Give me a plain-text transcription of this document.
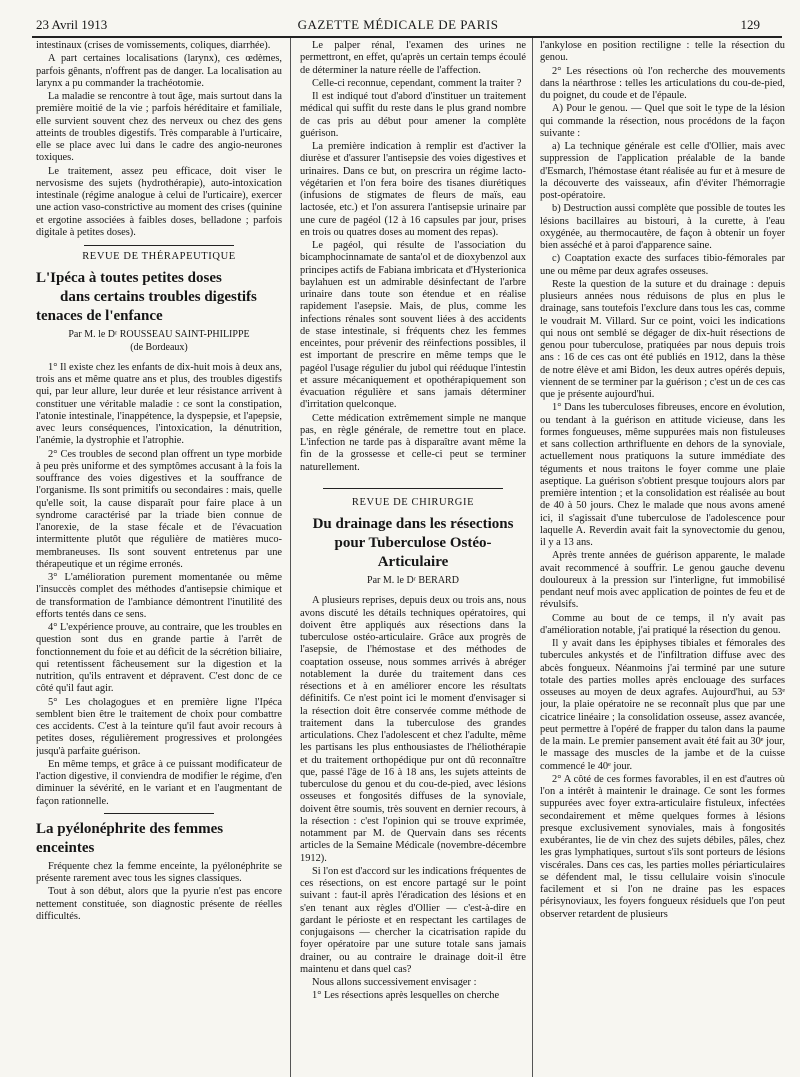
23 Avril 1913	GAZETTE MÉDICALE DE PARIS	129

intestinaux (crises de vomissements, coliques, diarrhée).

A part certaines localisations (larynx), ces œdèmes, parfois gênants, n'offrent pas de danger. La localisation au larynx a pu commander la trachéotomie.

La maladie se rencontre à tout âge, mais surtout dans la première moitié de la vie ; parfois héréditaire et familiale, elle survient souvent chez des nerveux ou chez des gens atteints de troubles digestifs. Très comparable à l'urticaire, elle se place avec lui dans le cadre des angio-neurones toxiques.

Le traitement, assez peu efficace, doit viser le nervosisme des sujets (hydrothérapie), auto-intoxication intestinale (régime analogue à celui de l'urticaire), exercer une action vaso-constrictive au moment des crises (quinine et ergotine associées à faibles doses, belladone ; parfois digitale à petites doses).

REVUE DE THÉRAPEUTIQUE

L'Ipéca à toutes petites doses
dans certains troubles digestifs
tenaces de l'enfance
Par M. le Dʳ ROUSSEAU SAINT-PHILIPPE
(de Bordeaux)

1° Il existe chez les enfants de dix-huit mois à deux ans, trois ans et même quatre ans et plus, des troubles digestifs qui, par leur allure, leur durée et leur résistance arrivent à constituer une véritable maladie : ce sont la constipation, l'atonie intestinale, l'inappétence, la dyspepsie, et l'apepsie, avec leurs conséquences, l'intoxication, la dénutrition, l'anémie, la dystrophie et l'atrophie.

2° Ces troubles de second plan offrent un type morbide à peu près uniforme et des symptômes accusant à la fois la souffrance des voies digestives et la souffrance de l'organisme. Ils sont primitifs ou secondaires : mais, quelle qu'elle soit, la cause disparaît pour faire place à un syndrome caractérisé par la triade bien connue de l'anorexie, de la stase fécale et de l'évacuation intermittente plutôt que régulière de matières muco-membraneuses. Ils sont souvent entretenus par une thérapeutique et un régime erronés.

3° L'amélioration purement momentanée ou même l'insuccès complet des méthodes d'antisepsie chimique et de transformation de l'ambiance démontrent l'inutilité des efforts tentés dans ce sens.

4° L'expérience prouve, au contraire, que les troubles en question sont dus en grande partie à l'arrêt de fonctionnement du foie et au déficit de la sécrétion biliaire, qui retentissent fâcheusement sur la digestion et la nutrition, qu'ils entravent et dépravent. C'est donc de ce côté qu'il faut agir.

5° Les cholagogues et en première ligne l'Ipéca semblent bien être le traitement de choix pour combattre ces accidents. C'est à la teinture qu'il faut avoir recours à petites doses, régulièrement progressives et prolongées jusqu'à parfaite guérison.

En même temps, et grâce à ce puissant modificateur de l'action digestive, il conviendra de modifier le régime, d'en diminuer la sévérité, en le variant et en l'augmentant de façon rationnelle.

La pyélonéphrite des femmes enceintes

Fréquente chez la femme enceinte, la pyélonéphrite se présente rarement avec tous les signes classiques.

Tout à son début, alors que la pyurie n'est pas encore nettement constituée, son diagnostic présente de réelles difficultés.

Le palper rénal, l'examen des urines ne permettront, en effet, qu'après un certain temps écoulé de déterminer la nature réelle de l'affection.

Celle-ci reconnue, cependant, comment la traiter ?

Il est indiqué tout d'abord d'instituer un traitement médical qui suffit du reste dans le plus grand nombre de cas pris au début pour amener la complète guérison.

La première indication à remplir est d'activer la diurèse et d'assurer l'antisepsie des voies digestives et urinaires. Dans ce but, on prescrira un régime lacto-végétarien et l'on fera boire des tisanes diurétiques (infusions de stigmates de fleurs de maïs, eau lactosée, etc.) et l'on assurera l'antisepsie urinaire par une cure de pagéol (12 à 16 capsules par jour, prises en trois ou quatres doses au moment des repas).

Le pagéol, qui résulte de l'association du bicamphocinnamate de santa'ol et de dioxybenzol aux principes actifs de Fabiana imbricata et d'Hysterionica baylahuen est un admirable désinfectant de l'arbre urinaire dans toute son étendue et en réalise rapidement l'asepsie. Mais, de plus, comme les infections rénales sont souvent liées à des accidents de stase intestinale, si fréquents chez les femmes enceintes, pour prévenir des réinfections possibles, il est important de prescrire en même temps que le pagéol l'usage régulier du jubol qui rééduque l'intestin et assure mécaniquement et opothérapiquement son évacuation régulière et sans jamais déterminer d'irritation quelconque.

Cette médication extrêmement simple ne manque pas, en règle générale, de remettre tout en place. L'infection ne tarde pas à disparaître avant même la fin de la grossesse et celle-ci peut se terminer naturellement.

REVUE DE CHIRURGIE

Du drainage dans les résections
pour Tuberculose Ostéo-Articulaire
Par M. le Dʳ BERARD

A plusieurs reprises, depuis deux ou trois ans, nous avons discuté les détails techniques opératoires, qui doivent être appliqués aux résections dans la tuberculose ostéo-articulaire. Grâce aux progrès de l'asepsie, de l'hémostase et des méthodes de coaptation osseuse, nous sommes arrivés à abréger notablement la durée du traitement dans ces résections et à en améliorer encore les résultats définitifs. Ce n'est point ici le moment d'envisager si la résection doit être conservée comme méthode de traitement dans la tuberculose des grandes articulations. Chez l'adolescent et chez l'adulte, même les partisans les plus enthousiastes de l'héliothérapie et du traitement orthopédique pur ont dû reconnaître que, passé l'âge de 16 à 18 ans, les sujets atteints de tuberculose du genou et du cou-de-pied, avec lésions osseuses et fongosités diffuses de la synoviale, doivent être soumis, très souvent en dernier recours, à la résection : c'est l'opinion qui se trouve exprimée, notamment par M. de Quervain dans ses récents articles de la Semaine Médicale (novembre-décembre 1912).

Si l'on est d'accord sur les indications fréquentes de ces résections, on est encore partagé sur le point suivant : faut-il après l'éradication des lésions et en s'en tenant aux règles d'Ollier — c'est-à-dire en gardant le périoste et en respectant les cartilages de conjugaisons — chercher la cicatrisation rapide du foyer opératoire par une suture totale sans jamais drainer, ou au contraire le drainage doit-il être maintenu et dans quel cas?

Nous allons successivement envisager :

1° Les résections après lesquelles on cherche

l'ankylose en position rectiligne : telle la résection du genou.

2° Les résections où l'on recherche des mouvements dans la néarthrose : telles les articulations du cou-de-pied, du poignet, du coude et de l'épaule.

A) Pour le genou. — Quel que soit le type de la lésion qui commande la résection, nous procédons de la façon suivante :

a) La technique générale est celle d'Ollier, mais avec suppression de l'application préalable de la bande d'Esmarch, l'hémostase étant réalisée au fur et à mesure de la découverte des vaisseaux, afin d'éviter l'hémorragie post-opératoire.

b) Destruction aussi complète que possible de toutes les lésions bacillaires au bistouri, à la curette, à l'eau oxygénée, au thermocautère, de façon à obtenir un foyer bien asséché et à paroi d'apparence saine.

c) Coaptation exacte des surfaces tibio-fémorales par une ou même par deux agrafes osseuses.

Reste la question de la suture et du drainage : depuis plusieurs années nous réduisons de plus en plus le drainage, sans toutefois l'exclure dans tous les cas, comme le voudrait M. Villard. Sur ce point, voici les indications qui nous ont semblé se dégager de dix-huit résections de genou pour tuberculose, pratiquées par nous depuis trois ans : 16 de ces cas ont été publiés en 1912, dans la thèse de notre élève et ami Bidon, les deux autres opérés depuis, viennent de se terminer par la guérison ; c'est un de ces cas que je présente aujourd'hui.

1° Dans les tuberculoses fibreuses, encore en évolution, ou tendant à la guérison en attitude vicieuse, dans les formes fongueuses, même suppurées mais non fistuleuses et sans collection arthrifluente en dehors de la synoviale, actuellement nous pratiquons la suture immédiate des téguments et nous traitons le foyer comme une plaie aseptique. La guérison s'obtient presque toujours alors par première intention ; et la consolidation est réalisée au bout de 40 à 50 jours. Chez le malade que nous avons amené ici, il s'agissait d'une tuberculose de l'adolescence pour laquelle A. Reverdin avait fait la synovectomie du genou, il y a 13 ans.

Après trente années de guérison apparente, le malade avait recommencé à souffrir. Le genou gauche devenu douloureux à la pression sur l'interligne, fut immobilisé pendant neuf mois avec application de pointes de feu et de révulsifs.

Comme au bout de ce temps, il n'y avait pas d'amélioration notable, j'ai pratiqué la résection du genou.

Il y avait dans les épiphyses tibiales et fémorales des tubercules ankystés et de l'infiltration diffuse avec des abcès fongueux. Néanmoins j'ai terminé par une suture totale des parties molles après enclouage des surfaces osseuses au moyen de deux agrafes. Aujourd'hui, au 53ᵉ jour, la plaie opératoire ne se reconnaît plus que par une cicatrice linéaire ; la consolidation osseuse, assez avancée, peut permettre à l'opéré de frapper du talon dans la paume de la main. Le premier pansement avait été fait au 30ᵉ jour, le massage des muscles de la jambe et de la cuisse commencé le 40ᵉ jour.

2° A côté de ces formes favorables, il en est d'autres où l'on a intérêt à maintenir le drainage. Ce sont les formes suppurées avec foyer extra-articulaire fistuleux, infectées secondairement et même quelques formes à lésions presque exclusivement synoviales, mais à fongosités exubérantes, lie de vin chez des sujets débiles, pâles, chez les gras lymphatiques, surtout s'ils sont porteurs de lésions viscérales. Dans ces cas, les parties molles périarticulaires se défendent mal, le tissu cellulaire voisin s'inocule facilement et si l'on ne draine pas les espaces périsynoviaux, les foyers fongueux résiduels que l'on peut observer retardent de plusieurs
